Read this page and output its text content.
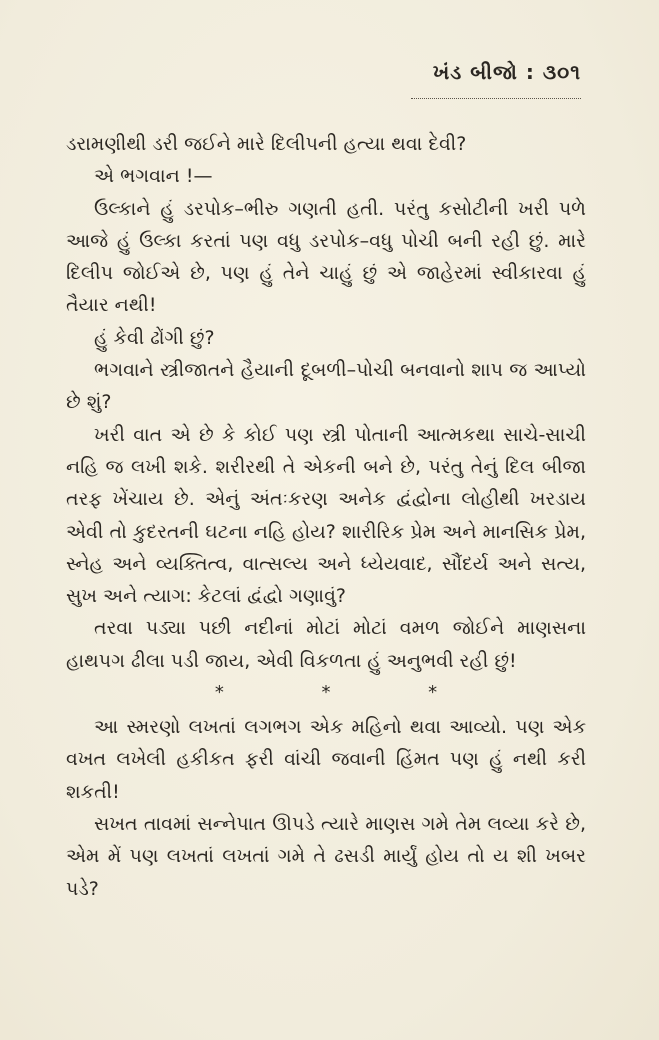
ખંડ બીજો : ૩૦૧

ડરામણીથી ડરી જઈને મારે દિલીપની હત્યા થવા દેવી?

એ ભગવાન !—

ઉલ્કાને હું ડરપોક–ભીરુ ગણતી હતી. પરંતુ કસોટીની ખરી પળે આજે હું ઉલ્કા કરતાં પણ વધુ ડરપોક–વધુ પોચી બની રહી છું. મારે દિલીપ જોઈએ છે, પણ હું તેને ચાહું છું એ જાહેરમાં સ્વીકારવા હું તૈયાર નથી!

હું કેવી ઢોંગી છું?

ભગવાને સ્ત્રીજાતને હૈયાની દૂબળી–પોચી બનવાનો શાપ જ આપ્યો છે શું?

ખરી વાત એ છે કે કોઈ પણ સ્ત્રી પોતાની આત્મકથા સાચે-સાચી નહિ જ લખી શકે. શરીરથી તે એકની બને છે, પરંતુ તેનું દિલ બીજા તરફ ખેંચાય છે. એનું અંતઃકરણ અનેક દ્વંદ્વોના લોહીથી ખરડાય એવી તો કુદરતની ઘટના નહિ હોય? શારીરિક પ્રેમ અને માનસિક પ્રેમ, સ્નેહ અને વ્યક્તિત્વ, વાત્સલ્ય અને ધ્યેયવાદ, સૌંદર્ય અને સત્ય, સુખ અને ત્યાગ: કેટલાં દ્વંદ્વો ગણાવું?

તરવા પડ્યા પછી નદીનાં મોટાં મોટાં વમળ જોઈને માણસના હાથપગ ઢીલા પડી જાય, એવી વિકળતા હું અનુભવી રહી છું!

*	*	*

આ સ્મરણો લખતાં લગભગ એક મહિનો થવા આવ્યો. પણ એક વખત લખેલી હકીકત ફરી વાંચી જવાની હિંમત પણ હું નથી કરી શકતી!

સખત તાવમાં સન્નેપાત ઊપડે ત્યારે માણસ ગમે તેમ લવ્યા કરે છે, એમ મેં પણ લખતાં લખતાં ગમે તે ઢસડી માર્યું હોય તો ય શી ખબર પડે?
